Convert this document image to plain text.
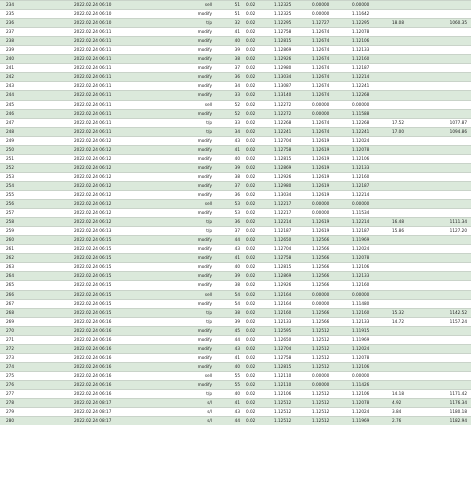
234	2022.02.24 06:10	sell	51	0.02	1.12325	0.00000	0.00000		
235	2022.02.24 06:10	modify	51	0.02	1.12325	0.00000	1.11642		
236	2022.02.24 06:10	t/p	32	0.02	1.12295	1.12727	1.12295	18.08	1060.35
237	2022.02.24 06:11	modify	41	0.02	1.12758	1.12674	1.12078		
238	2022.02.24 06:11	modify	40	0.02	1.12815	1.12674	1.12106		
239	2022.02.24 06:11	modify	39	0.02	1.12869	1.12674	1.12133		
240	2022.02.24 06:11	modify	38	0.02	1.12926	1.12674	1.12160		
241	2022.02.24 06:11	modify	37	0.02	1.12980	1.12674	1.12187		
242	2022.02.24 06:11	modify	36	0.02	1.13034	1.12674	1.12214		
243	2022.02.24 06:11	modify	34	0.02	1.13087	1.12674	1.12241		
244	2022.02.24 06:11	modify	33	0.02	1.13140	1.12674	1.12268		
245	2022.02.24 06:11	sell	52	0.02	1.12272	0.00000	0.00000		
246	2022.02.24 06:11	modify	52	0.02	1.12272	0.00000	1.11588		
247	2022.02.24 06:11	t/p	33	0.02	1.12268	1.12674	1.12268	17.52	1077.87
248	2022.02.24 06:11	t/p	34	0.02	1.12241	1.12674	1.12241	17.00	1094.86
249	2022.02.24 06:12	modify	43	0.02	1.12704	1.12619	1.12024		
250	2022.02.24 06:12	modify	41	0.02	1.12758	1.12619	1.12078		
251	2022.02.24 06:12	modify	40	0.02	1.12815	1.12619	1.12106		
252	2022.02.24 06:12	modify	39	0.02	1.12869	1.12619	1.12133		
253	2022.02.24 06:12	modify	38	0.02	1.12926	1.12619	1.12160		
254	2022.02.24 06:12	modify	37	0.02	1.12980	1.12619	1.12187		
255	2022.02.24 06:12	modify	36	0.02	1.13034	1.12619	1.12214		
256	2022.02.24 06:12	sell	53	0.02	1.12217	0.00000	0.00000		
257	2022.02.24 06:12	modify	53	0.02	1.12217	0.00000	1.11534		
258	2022.02.24 06:12	t/p	36	0.02	1.12214	1.12619	1.12214	16.48	1111.34
259	2022.02.24 06:13	t/p	37	0.02	1.12187	1.12619	1.12187	15.86	1127.20
260	2022.02.24 06:15	modify	44	0.02	1.12650	1.12566	1.11969		
261	2022.02.24 06:15	modify	43	0.02	1.12704	1.12566	1.12024		
262	2022.02.24 06:15	modify	41	0.02	1.12758	1.12566	1.12078		
263	2022.02.24 06:15	modify	40	0.02	1.12815	1.12566	1.12106		
264	2022.02.24 06:15	modify	39	0.02	1.12869	1.12566	1.12133		
265	2022.02.24 06:15	modify	38	0.02	1.12926	1.12566	1.12160		
266	2022.02.24 06:15	sell	54	0.02	1.12164	0.00000	0.00000		
267	2022.02.24 06:15	modify	54	0.02	1.12164	0.00000	1.11480		
268	2022.02.24 06:15	t/p	38	0.02	1.12160	1.12566	1.12160	15.32	1142.52
269	2022.02.24 06:16	t/p	39	0.02	1.12133	1.12566	1.12133	14.72	1157.24
270	2022.02.24 06:16	modify	45	0.02	1.12595	1.12512	1.11915		
271	2022.02.24 06:16	modify	44	0.02	1.12650	1.12512	1.11969		
272	2022.02.24 06:16	modify	43	0.02	1.12704	1.12512	1.12024		
273	2022.02.24 06:16	modify	41	0.02	1.12758	1.12512	1.12078		
274	2022.02.24 06:16	modify	40	0.02	1.12815	1.12512	1.12106		
275	2022.02.24 06:16	sell	55	0.02	1.12110	0.00000	0.00000		
276	2022.02.24 06:16	modify	55	0.02	1.12110	0.00000	1.11426		
277	2022.02.24 06:16	t/p	40	0.02	1.12106	1.12512	1.12106	14.18	1171.42
278	2022.02.24 08:17	s/l	41	0.02	1.12512	1.12512	1.12078	4.92	1176.34
279	2022.02.24 08:17	s/l	43	0.02	1.12512	1.12512	1.12024	3.84	1180.18
280	2022.02.24 08:17	s/l	44	0.02	1.12512	1.12512	1.11969	2.76	1182.94
